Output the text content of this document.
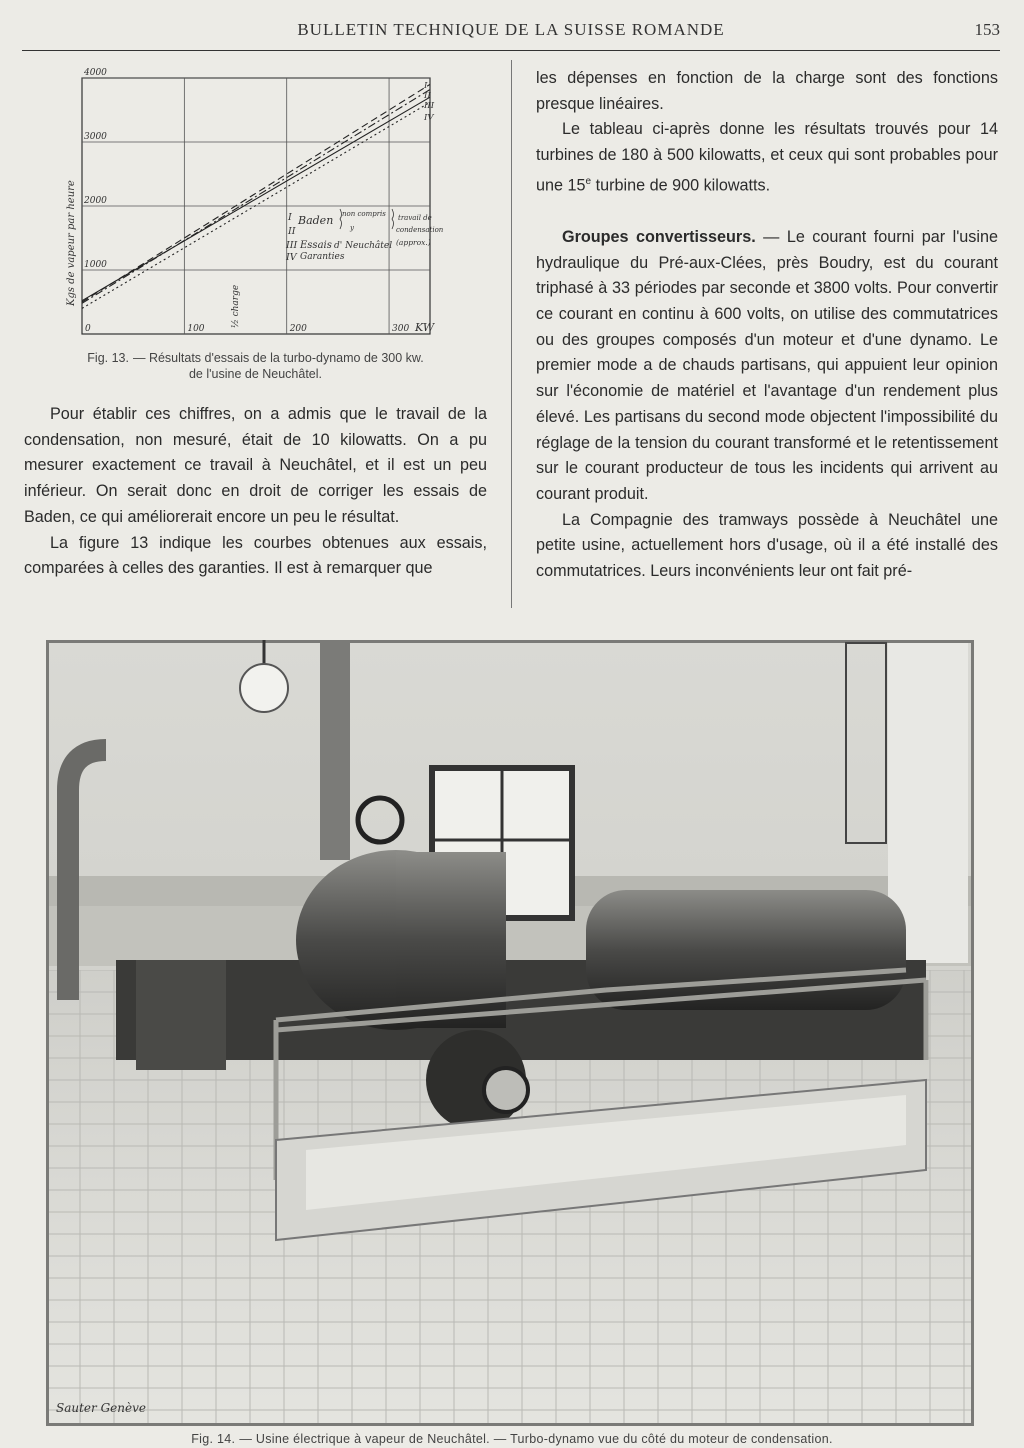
BULLETIN TECHNIQUE DE LA SUISSE ROMANDE	153
0	100	200	300 KW
1000
2000
3000
4000
Kgs de vapeur par heure
½ charge
I Baden non compris travail de
II	y	condensation
III Essais d' Neuchâtel (approx.)
IV Garanties
I
II
III
IV
Fig. 13. — Résultats d'essais de la turbo-dynamo de 300 kw.
de l'usine de Neuchâtel.

Pour établir ces chiffres, on a admis que le travail de la condensation, non mesuré, était de 10 kilowatts. On a pu mesurer exactement ce travail à Neuchâtel, et il est un peu inférieur. On serait donc en droit de corriger les essais de Baden, ce qui améliorerait encore un peu le résultat.

La figure 13 indique les courbes obtenues aux essais, comparées à celles des garanties. Il est à remarquer que

les dépenses en fonction de la charge sont des fonctions presque linéaires.

Le tableau ci-après donne les résultats trouvés pour 14 turbines de 180 à 500 kilowatts, et ceux qui sont probables pour une 15e turbine de 900 kilowatts.

Groupes convertisseurs. — Le courant fourni par l'usine hydraulique du Pré-aux-Clées, près Boudry, est du courant triphasé à 33 périodes par seconde et 3800 volts. Pour convertir ce courant en continu à 600 volts, on utilise des commutatrices ou des groupes composés d'un moteur et d'une dynamo. Le premier mode a de chauds partisans, qui appuient leur opinion sur l'économie de matériel et l'avantage d'un rendement plus élevé. Les partisans du second mode objectent l'impossibilité du réglage de la tension du courant transformé et le retentissement sur le courant producteur de tous les incidents qui arrivent au courant produit.

La Compagnie des tramways possède à Neuchâtel une petite usine, actuellement hors d'usage, où il a été installé des commutatrices. Leurs inconvénients leur ont fait pré-

Sauter Genève
Fig. 14. — Usine électrique à vapeur de Neuchâtel. — Turbo-dynamo vue du côté du moteur de condensation.
